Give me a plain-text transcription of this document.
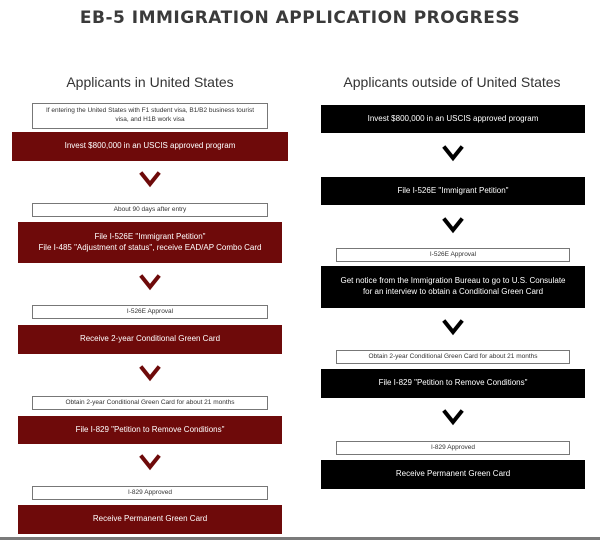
EB-5 IMMIGRATION APPLICATION PROGRESS
Applicants in United States
If entering the United States with F1 student visa, B1/B2 business tourist visa, and H1B work visa
Invest $800,000 in an USCIS approved program
About 90 days after entry
File I-526E "Immigrant Petition"
File I-485 "Adjustment of status", receive EAD/AP Combo Card
I-526E Approval
Receive 2-year Conditional Green Card
Obtain 2-year Conditional Green Card for about 21 months
File I-829 "Petition to Remove Conditions"
I-829 Approved
Receive Permanent Green Card
Applicants outside of United States
Invest $800,000 in an USCIS approved program
File I-526E "Immigrant Petition"
I-526E Approval
Get notice from the Immigration Bureau to go to U.S. Consulate
for an interview to obtain a Conditional Green Card
Obtain 2-year Conditional Green Card for about 21 months
File I-829 "Petition to Remove Conditions"
I-829 Approved
Receive Permanent Green Card
